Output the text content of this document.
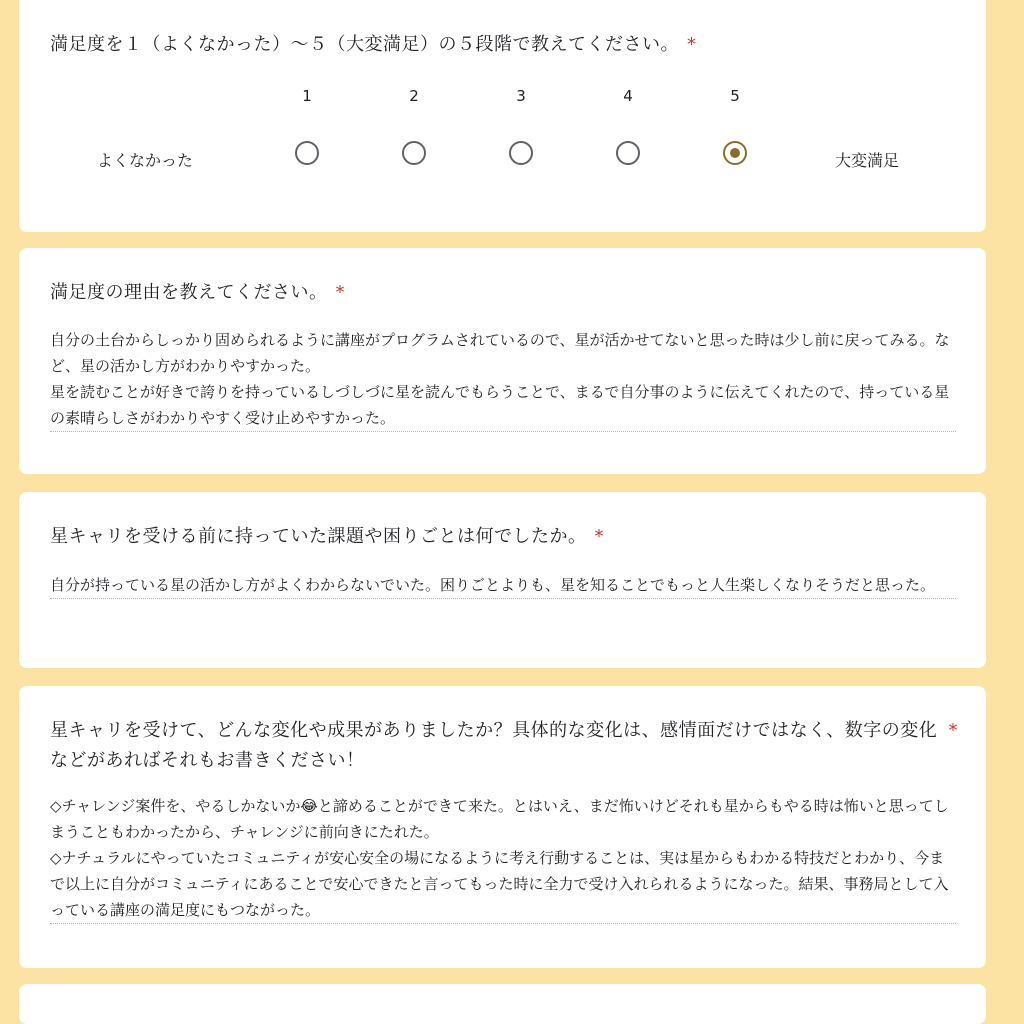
満足度を１（よくなかった）〜５（大変満足）の５段階で教えてください。 *
よくなかった
1	2	3	4	5
大変満足
満足度の理由を教えてください。 *
自分の土台からしっかり固められるように講座がプログラムされているので、星が活かせてないと思った時は少し前に戻ってみる。など、星の活かし方がわかりやすかった。
星を読むことが好きで誇りを持っているしづしづに星を読んでもらうことで、まるで自分事のように伝えてくれたので、持っている星の素晴らしさがわかりやすく受け止めやすかった。
星キャリを受ける前に持っていた課題や困りごとは何でしたか。 *
自分が持っている星の活かし方がよくわからないでいた。困りごとよりも、星を知ることでもっと人生楽しくなりそうだと思った。
星キャリを受けて、どんな変化や成果がありましたか？具体的な変化は、感情面だけではなく、数字の変化などがあればそれもお書きください！
*
◇チャレンジ案件を、やるしかないか😂と諦めることができて来た。とはいえ、まだ怖いけどそれも星からもやる時は怖いと思ってしまうこともわかったから、チャレンジに前向きにたれた。
◇ナチュラルにやっていたコミュニティが安心安全の場になるように考え行動することは、実は星からもわかる特技だとわかり、今まで以上に自分がコミュニティにあることで安心できたと言ってもった時に全力で受け入れられるようになった。結果、事務局として入っている講座の満足度にもつながった。
